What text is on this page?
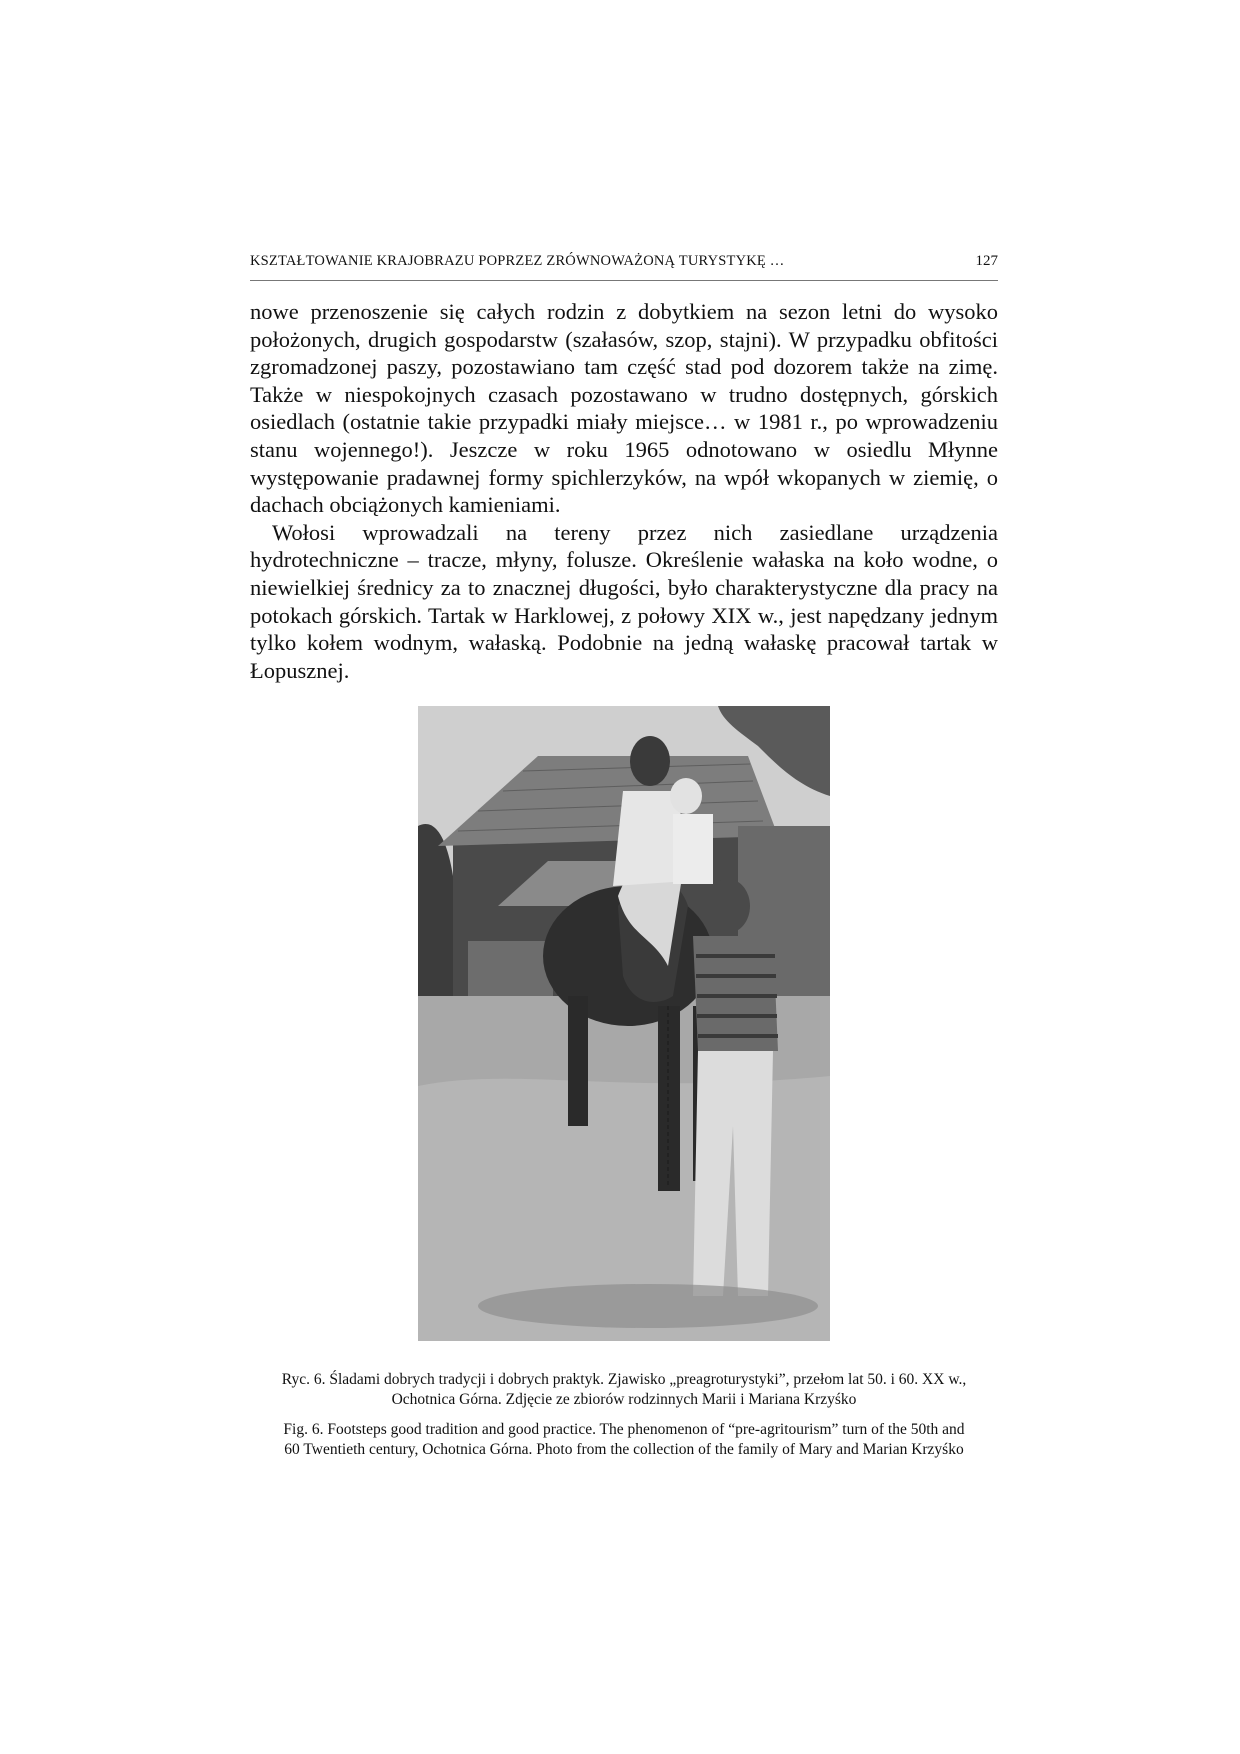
KSZTAŁTOWANIE KRAJOBRAZU POPRZEZ ZRÓWNOWAŻONĄ TURYSTYKĘ …	127

nowe przenoszenie się całych rodzin z dobytkiem na sezon letni do wysoko położonych, drugich gospodarstw (szałasów, szop, stajni). W przypadku obfitości zgromadzonej paszy, pozostawiano tam część stad pod dozorem także na zimę. Także w niespokojnych czasach pozostawano w trudno dostępnych, górskich osiedlach (ostatnie takie przypadki miały miejsce… w 1981 r., po wprowadzeniu stanu wojennego!). Jeszcze w roku 1965 odnotowano w osiedlu Młynne występowanie pradawnej formy spichlerzyków, na wpół wkopanych w ziemię, o dachach obciążonych kamieniami.

Wołosi wprowadzali na tereny przez nich zasiedlane urządzenia hydrotechniczne – tracze, młyny, folusze. Określenie wałaska na koło wodne, o niewielkiej średnicy za to znacznej długości, było charakterystyczne dla pracy na potokach górskich. Tartak w Harklowej, z połowy XIX w., jest napędzany jednym tylko kołem wodnym, wałaską. Podobnie na jedną wałaskę pracował tartak w Łopusznej.

Ryc. 6. Śladami dobrych tradycji i dobrych praktyk. Zjawisko „preagroturystyki”, przełom lat 50. i 60. XX w.,
Ochotnica Górna. Zdjęcie ze zbiorów rodzinnych Marii i Mariana Krzyśko
Fig. 6. Footsteps good tradition and good practice. The phenomenon of “pre-agritourism” turn of the 50th and
60 Twentieth century, Ochotnica Górna. Photo from the collection of the family of Mary and Marian Krzyśko
